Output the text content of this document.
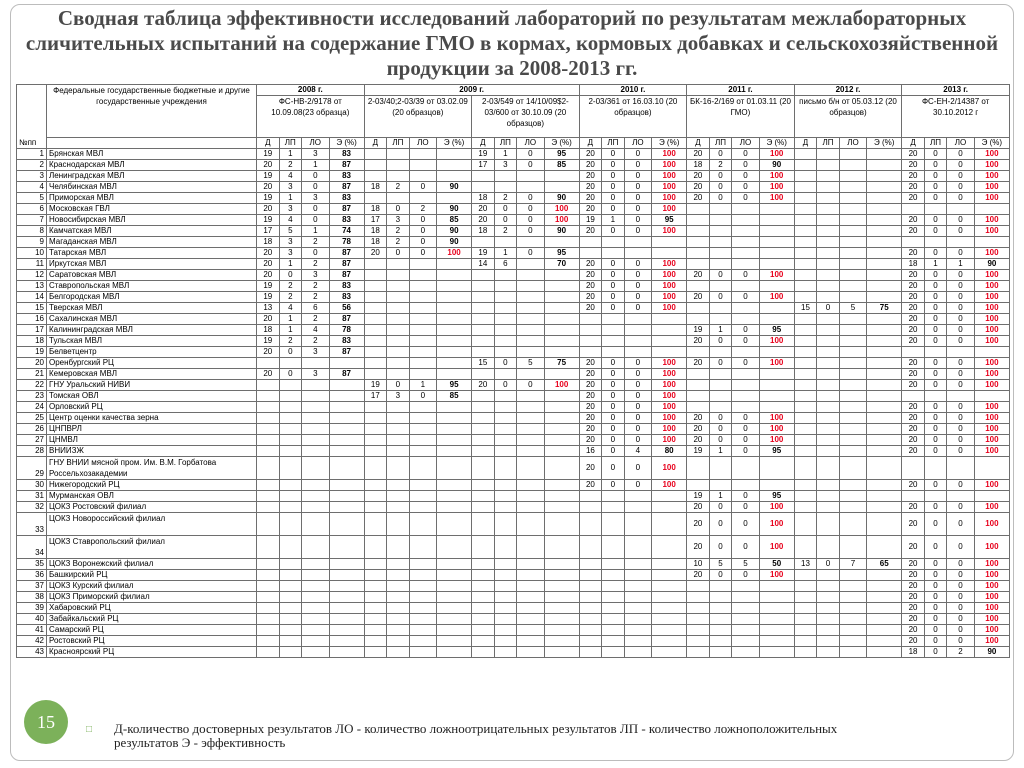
Сводная таблица эффективности исследований лабораторий по результатам межлабораторных сличительных испытаний на содержание ГМО в кормах, кормовых добавках и сельскохозяйственной продукции за 2008-2013 гг.
№пп	Федеральные государственные бюджетные и другие государственные учреждения	2008 г.				2009 г.								2010 г.				2011 г.				2012 г.				2013 г.			
		ФС-НВ-2/9178 от 10.09.08(23 образца)				2-03/40;2-03/39 от 03.02.09 (20 образцов)				2-03/549 от 14/10/09$2-03/600 от 30.10.09 (20 образцов)				2-03/361 от 16.03.10 (20 образцов)				БК-16-2/169 от 01.03.11 (20 ГМО)				письмо б/н от 05.03.12 (20 образцов)				ФС-ЕН-2/14387 от 30.10.2012 г			
		Д	ЛП	ЛО	Э (%)	Д	ЛП	ЛО	Э (%)	Д	ЛП	ЛО	Э (%)	Д	ЛП	ЛО	Э (%)	Д	ЛП	ЛО	Э (%)	Д	ЛП	ЛО	Э (%)	Д	ЛП	ЛО	Э (%)
1	Брянская МВЛ	19	1	3	83					19	1	0	95	20	0	0	100	20	0	0	100					20	0	0	100
2	Краснодарская МВЛ	20	2	1	87					17	3	0	85	20	0	0	100	18	2	0	90					20	0	0	100
3	Ленинградская МВЛ	19	4	0	83									20	0	0	100	20	0	0	100					20	0	0	100
4	Челябинская МВЛ	20	3	0	87	18	2	0	90					20	0	0	100	20	0	0	100					20	0	0	100
5	Приморская МВЛ	19	1	3	83					18	2	0	90	20	0	0	100	20	0	0	100					20	0	0	100
6	Московская ГВЛ	20	3	0	87	18	0	2	90	20	0	0	100	20	0	0	100												
7	Новосибирская МВЛ	19	4	0	83	17	3	0	85	20	0	0	100	19	1	0	95									20	0	0	100
8	Камчатская МВЛ	17	5	1	74	18	2	0	90	18	2	0	90	20	0	0	100									20	0	0	100
9	Магаданская МВЛ	18	3	2	78	18	2	0	90																				
10	Татарская МВЛ	20	3	0	87	20	0	0	100	19	1	0	95													20	0	0	100
11	Иркутская МВЛ	20	1	2	87					14	6		70	20	0	0	100									18	1	1	90
12	Саратовская МВЛ	20	0	3	87									20	0	0	100	20	0	0	100					20	0	0	100
13	Ставропольская МВЛ	19	2	2	83									20	0	0	100									20	0	0	100
14	Белгородская МВЛ	19	2	2	83									20	0	0	100	20	0	0	100					20	0	0	100
15	Тверская МВЛ	13	4	6	56									20	0	0	100					15	0	5	75	20	0	0	100
16	Сахалинская МВЛ	20	1	2	87																					20	0	0	100
17	Калининградская МВЛ	18	1	4	78													19	1	0	95					20	0	0	100
18	Тульская МВЛ	19	2	2	83													20	0	0	100					20	0	0	100
19	Белветцентр	20	0	3	87																								
20	Оренбургский РЦ									15	0	5	75	20	0	0	100	20	0	0	100					20	0	0	100
21	Кемеровская МВЛ	20	0	3	87									20	0	0	100									20	0	0	100
22	ГНУ Уральский НИВИ					19	0	1	95	20	0	0	100	20	0	0	100									20	0	0	100
23	Томская ОВЛ					17	3	0	85					20	0	0	100												
24	Орловский РЦ													20	0	0	100									20	0	0	100
25	Центр оценки качества зерна													20	0	0	100	20	0	0	100					20	0	0	100
26	ЦНПВРЛ													20	0	0	100	20	0	0	100					20	0	0	100
27	ЦНМВЛ													20	0	0	100	20	0	0	100					20	0	0	100
28	ВНИИЗЖ													16	0	4	80	19	1	0	95					20	0	0	100
29	ГНУ ВНИИ мясной пром. Им. В.М. Горбатова Россельхозакадемии													20	0	0	100												
30	Нижегородский РЦ													20	0	0	100									20	0	0	100
31	Мурманская ОВЛ																	19	1	0	95								
32	ЦОКЗ Ростовский филиал																	20	0	0	100					20	0	0	100
33	ЦОКЗ Новороссийский филиал																	20	0	0	100					20	0	0	100
34	ЦОКЗ Ставропольский филиал																	20	0	0	100					20	0	0	100
35	ЦОКЗ Воронежский филиал																	10	5	5	50	13	0	7	65	20	0	0	100
36	Башкирский РЦ																	20	0	0	100					20	0	0	100
37	ЦОКЗ Курский филиал																									20	0	0	100
38	ЦОКЗ Приморский филиал																									20	0	0	100
39	Хабаровский РЦ																									20	0	0	100
40	Забайкальский РЦ																									20	0	0	100
41	Самарский РЦ																									20	0	0	100
42	Ростовский РЦ																									20	0	0	100
43	Красноярский РЦ																									18	0	2	90
15	□ Д-количество достоверных результатов ЛО - количество ложноотрицательных результатов ЛП - количество ложноположительных результатов Э - эффективность
